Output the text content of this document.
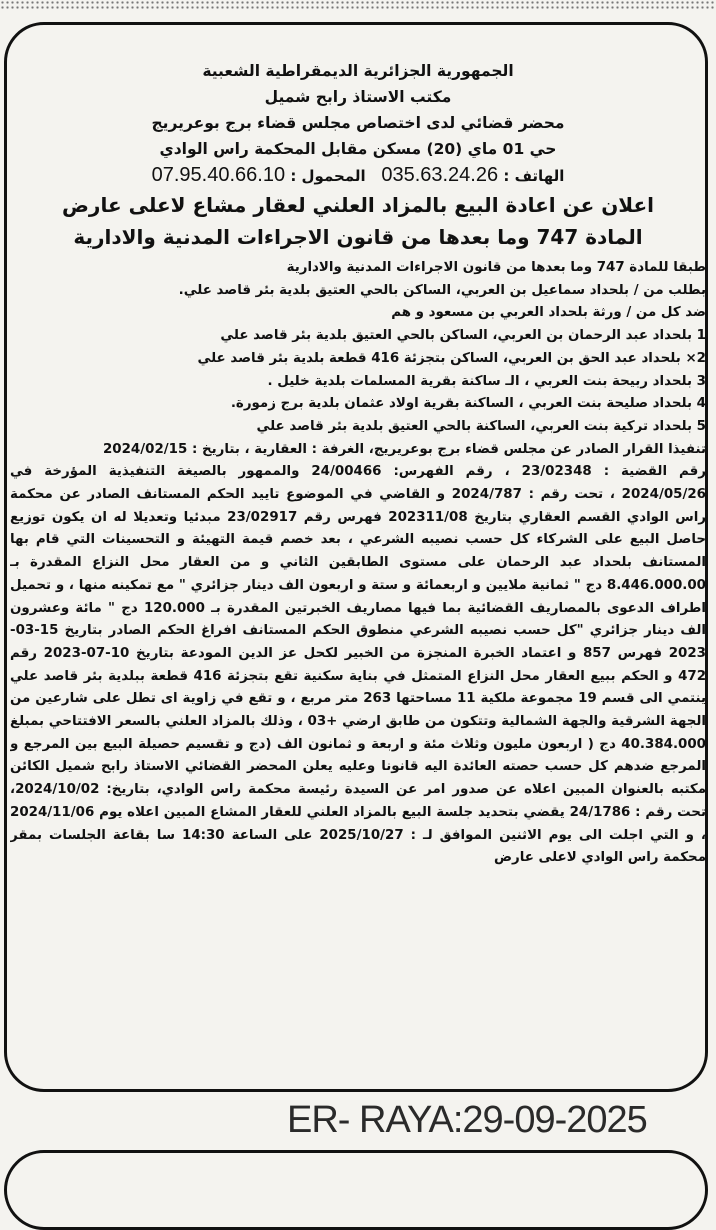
الجمهورية الجزائرية الديمقراطية الشعبية
مكتب الاستاذ رابح شميل
محضر قضائي لدى اختصاص مجلس قضاء برج بوعريريج
حي 01 ماي (20) مسكن مقابل المحكمة راس الوادي
الهاتف : 035.63.24.26   المحمول : 07.95.40.66.10
اعلان عن اعادة البيع بالمزاد العلني لعقار مشاع لاعلى عارض
المادة 747 وما بعدها من قانون الاجراءات المدنية والادارية

طبقا للمادة 747 وما بعدها من قانون الاجراءات المدنية والادارية

بطلب من / بلحداد سماعيل بن العربي، الساكن بالحي العتيق بلدية بئر قاصد علي.

ضد كل من / ورثة بلحداد العربي بن مسعود و هم

1 بلحداد عبد الرحمان بن العربي، الساكن بالحي العتيق بلدية بئر قاصد علي

2× بلحداد عبد الحق بن العربي، الساكن بتجزئة 416 قطعة بلدية بئر قاصد علي

3 بلحداد ربيحة بنت العربي ، الـ ساكنة بقرية المسلمات بلدية خليل .

4 بلحداد صليحة بنت العربي ، الساكنة بقرية اولاد عثمان بلدية برج زمورة.

5 بلحداد تركية بنت العربي، الساكنة بالحي العتيق بلدية بئر قاصد علي

تنفيذا القرار الصادر عن مجلس قضاء برج بوعريريج، الغرفة : العقارية ، بتاريخ : 2024/02/15

رقم القضية : 23/02348 ، رقم الفهرس: 24/00466 والممهور بالصيغة التنفيذية المؤرخة في 2024/05/26 ، تحت رقم : 2024/787 و القاضي في الموضوع تاييد الحكم المستانف الصادر عن محكمة راس الوادي القسم العقاري بتاريخ 202311/08 فهرس رقم 23/02917 مبدئيا وتعديلا له ان يكون توزيع حاصل البيع على الشركاء كل حسب نصيبه الشرعي ، بعد خصم قيمة التهيئة و التحسينات التي قام بها المستانف بلحداد عبد الرحمان على مستوى الطابقين الثاني و من العقار محل النزاع المقدرة بـ 8.446.000.00 دج " ثمانية ملايين و اربعمائة و ستة و اربعون الف دينار جزائري " مع تمكينه منها ، و تحميل اطراف الدعوى بالمصاريف القضائية بما فيها مصاريف الخبرتين المقدرة بـ 120.000 دج " مائة وعشرون الف دينار جزائري "كل حسب نصيبه الشرعي منطوق الحكم المستانف افراغ الحكم الصادر بتاريخ 15-03-2023 فهرس 857 و اعتماد الخبرة المنجزة من الخبير لكحل عز الدين المودعة بتاريخ 10-07-2023 رقم 472 و الحكم ببيع العقار محل النزاع المتمثل في بناية سكنية تقع بتجزئة 416 قطعة ببلدية بئر قاصد علي ينتمي الى قسم 19 مجموعة ملكية 11 مساحتها 263 متر مربع ، و تقع في زاوية اى تطل على شارعين من الجهة الشرقية والجهة الشمالية وتتكون من طابق ارضي +03 ، وذلك بالمزاد العلني بالسعر الافتتاحي بمبلغ 40.384.000 دج ( اربعون مليون وثلاث مئة و اربعة و ثمانون الف (دج و تقسيم حصيلة البيع بين المرجع و المرجع ضدهم كل حسب حصته العائدة اليه قانونا وعليه يعلن المحضر القضائي الاستاذ رابح شميل الكائن مكتبه بالعنوان المبين اعلاه عن صدور امر عن السيدة رئيسة محكمة راس الوادي، بتاريخ: 2024/10/02، تحت رقم : 24/1786 يقضي بتحديد جلسة البيع بالمزاد العلني للعقار المشاع المبين اعلاه يوم 2024/11/06 ، و التي اجلت الى يوم الاثنين الموافق لـ : 2025/10/27 على الساعة 14:30 سا بقاعة الجلسات بمقر محكمة راس الوادي لاعلى عارض

ER- RAYA:29-09-2025
